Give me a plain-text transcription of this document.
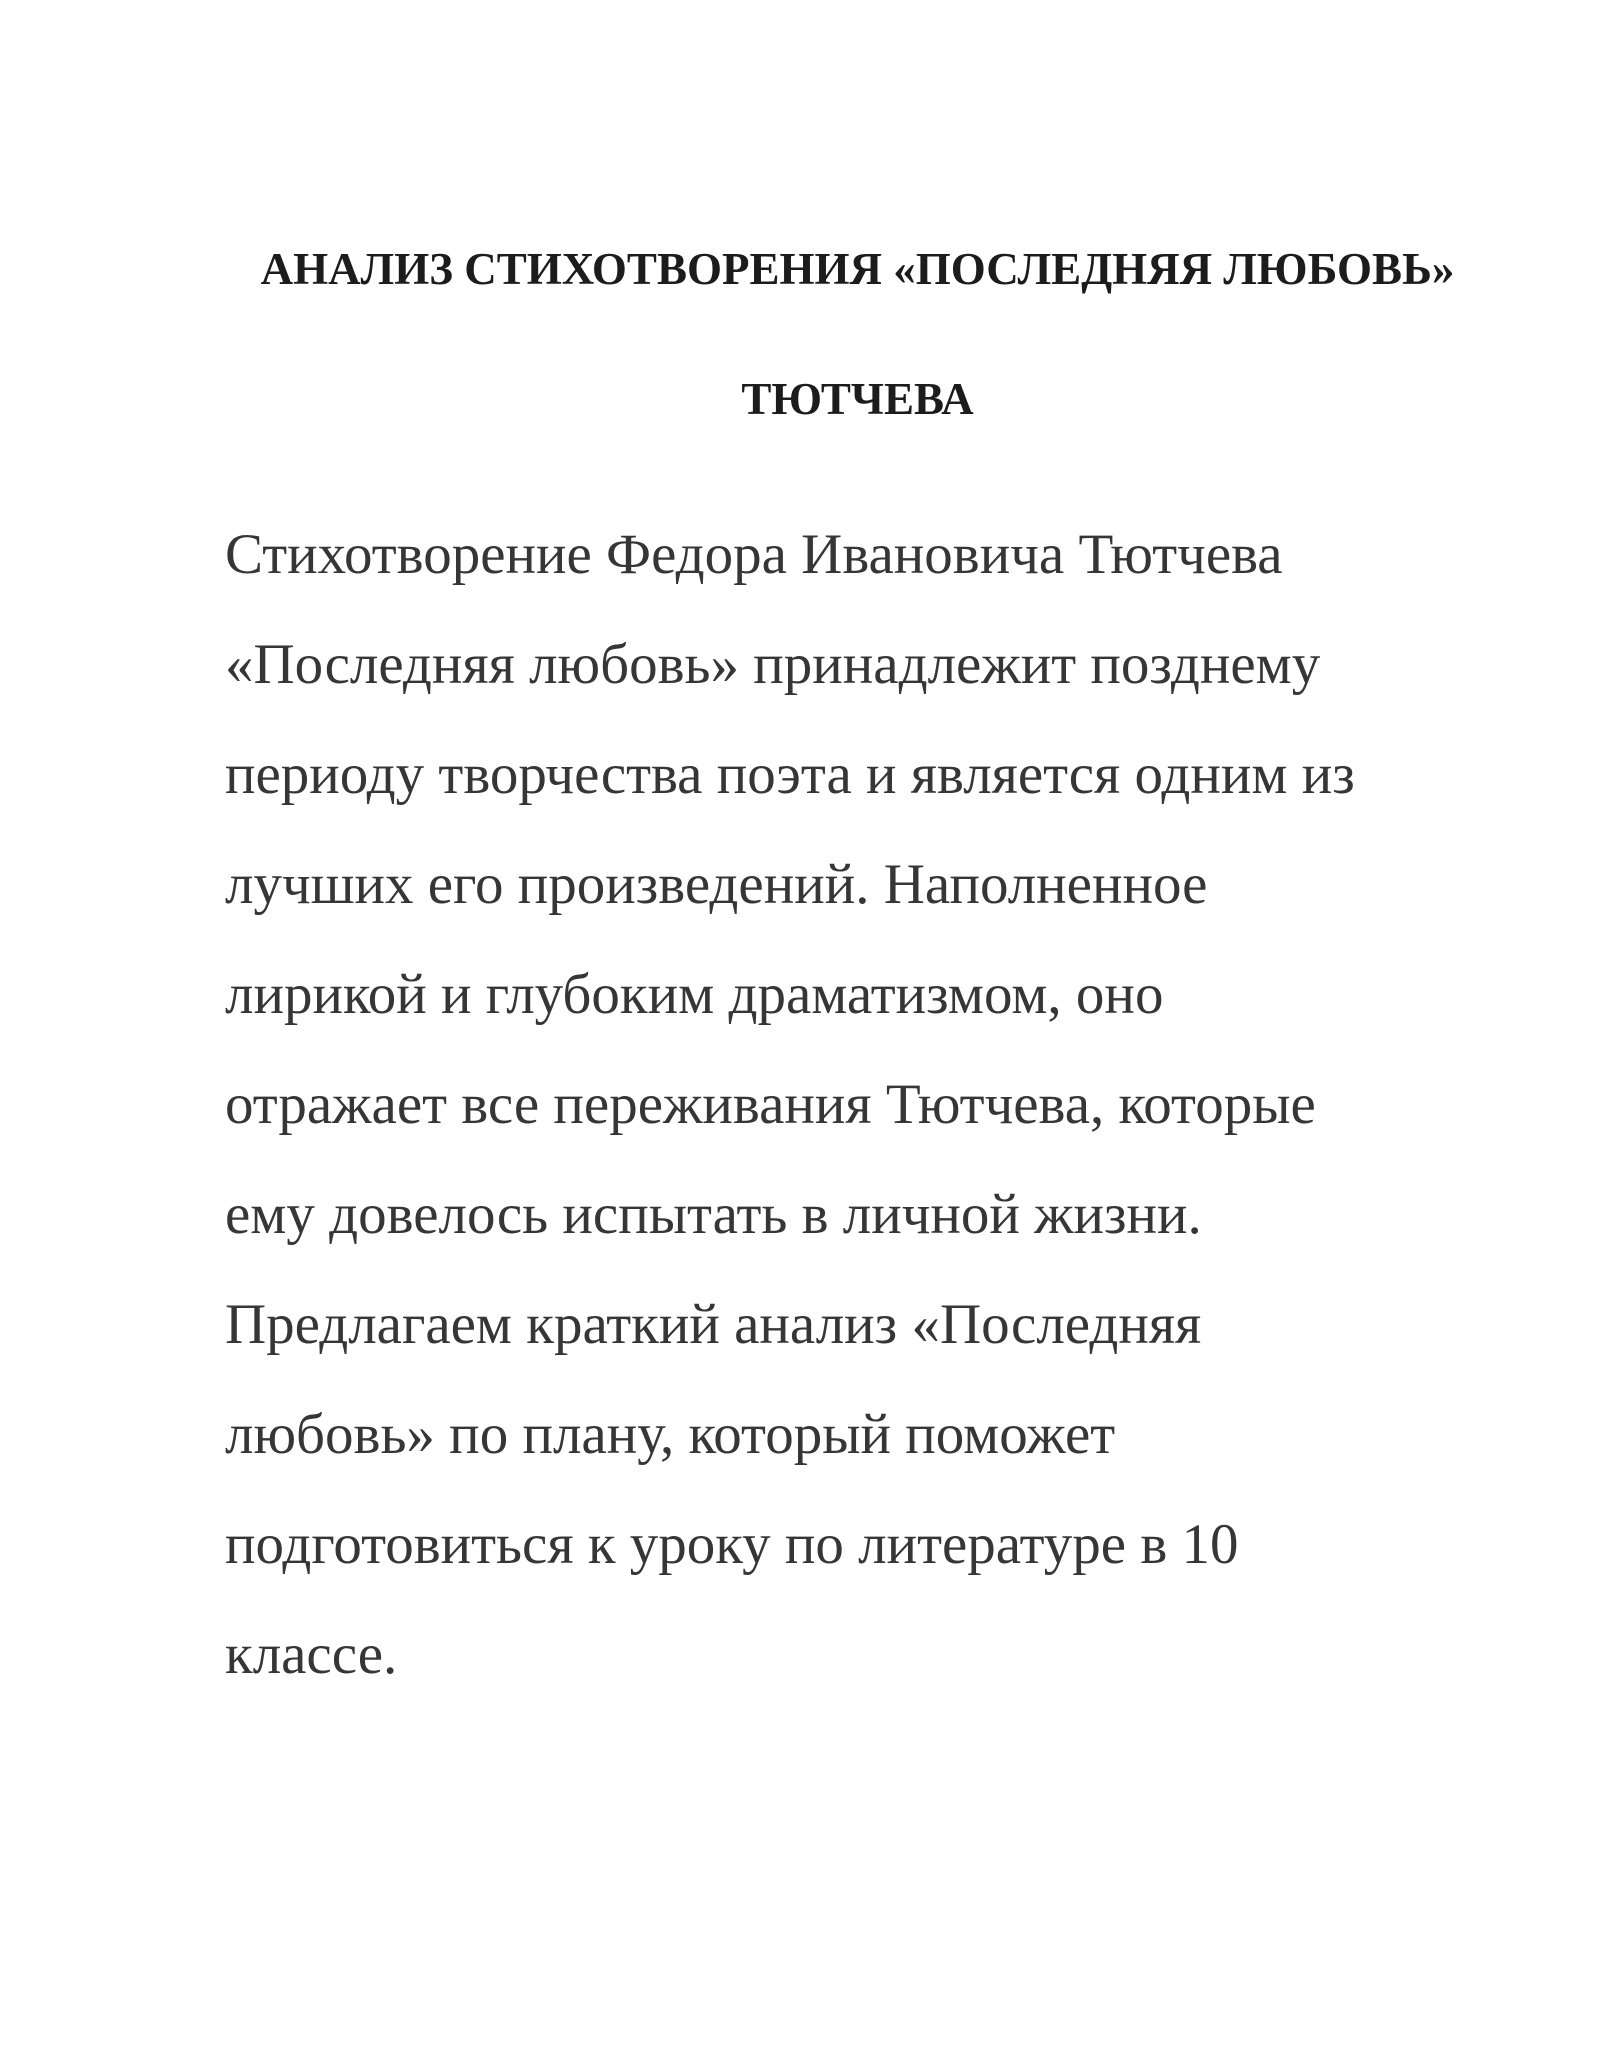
АНАЛИЗ СТИХОТВОРЕНИЯ «ПОСЛЕДНЯЯ ЛЮБОВЬ»
ТЮТЧЕВА
Стихотворение Федора Ивановича Тютчева
«Последняя любовь» принадлежит позднему
периоду творчества поэта и является одним из
лучших его произведений. Наполненное
лирикой и глубоким драматизмом, оно
отражает все переживания Тютчева, которые
ему довелось испытать в личной жизни.
Предлагаем краткий анализ «Последняя
любовь» по плану, который поможет
подготовиться к уроку по литературе в 10
классе.
